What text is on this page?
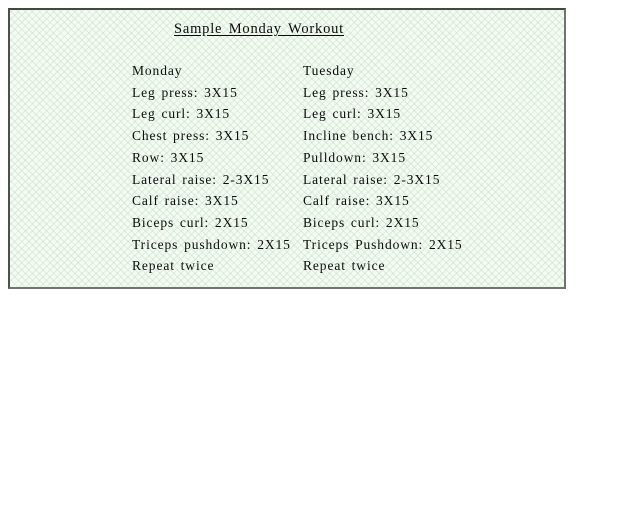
Sample Monday Workout
Monday
Leg press: 3X15
Leg curl: 3X15
Chest press: 3X15
Row: 3X15
Lateral raise: 2-3X15
Calf raise: 3X15
Biceps curl: 2X15
Triceps pushdown: 2X15
Repeat twice
Tuesday
Leg press: 3X15
Leg curl: 3X15
Incline bench: 3X15
Pulldown: 3X15
Lateral raise: 2-3X15
Calf raise: 3X15
Biceps curl: 2X15
Triceps Pushdown: 2X15
Repeat twice
